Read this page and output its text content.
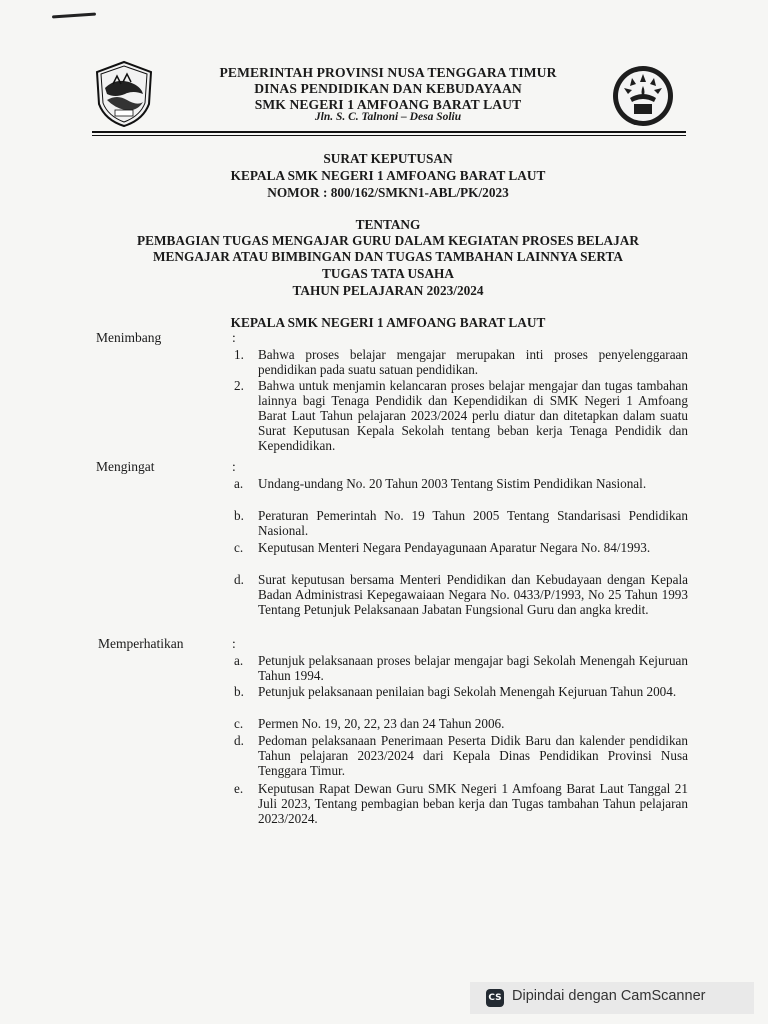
PEMERINTAH PROVINSI NUSA TENGGARA TIMUR
DINAS PENDIDIKAN DAN KEBUDAYAAN
SMK NEGERI 1 AMFOANG BARAT LAUT
Jln. S. C. Talnoni – Desa Soliu
SURAT KEPUTUSAN
KEPALA SMK NEGERI 1 AMFOANG BARAT LAUT
NOMOR : 800/162/SMKN1-ABL/PK/2023
TENTANG
PEMBAGIAN TUGAS MENGAJAR GURU DALAM KEGIATAN PROSES BELAJAR
MENGAJAR ATAU BIMBINGAN DAN TUGAS TAMBAHAN LAINNYA SERTA
TUGAS TATA USAHA
TAHUN PELAJARAN 2023/2024
KEPALA SMK NEGERI 1 AMFOANG BARAT LAUT
Menimbang	:
1.	Bahwa proses belajar mengajar merupakan inti proses penyelenggaraan pendidikan pada suatu satuan pendidikan.
2.	Bahwa untuk menjamin kelancaran proses belajar mengajar dan tugas tambahan lainnya bagi Tenaga Pendidik dan Kependidikan di SMK Negeri 1 Amfoang Barat Laut Tahun pelajaran 2023/2024 perlu diatur dan ditetapkan dalam suatu Surat Keputusan Kepala Sekolah tentang beban kerja Tenaga Pendidik dan Kependidikan.
Mengingat	:
a.	Undang-undang No. 20 Tahun 2003 Tentang Sistim Pendidikan Nasional.
b.	Peraturan Pemerintah No. 19 Tahun 2005 Tentang Standarisasi Pendidikan Nasional.
c.	Keputusan Menteri Negara Pendayagunaan Aparatur Negara No. 84/1993.
d.	Surat keputusan bersama Menteri Pendidikan dan Kebudayaan dengan Kepala Badan Administrasi Kepegawaiaan Negara No. 0433/P/1993, No 25 Tahun 1993 Tentang Petunjuk Pelaksanaan Jabatan Fungsional Guru dan angka kredit.
Memperhatikan	:
a.	Petunjuk pelaksanaan proses belajar mengajar bagi Sekolah Menengah Kejuruan Tahun 1994.
b.	Petunjuk pelaksanaan penilaian bagi Sekolah Menengah Kejuruan Tahun 2004.
c.	Permen No. 19, 20, 22, 23 dan 24 Tahun 2006.
d.	Pedoman pelaksanaan Penerimaan Peserta Didik Baru dan kalender pendidikan Tahun pelajaran 2023/2024 dari Kepala Dinas Pendidikan Provinsi Nusa Tenggara Timur.
e.	Keputusan Rapat Dewan Guru SMK Negeri 1 Amfoang Barat Laut Tanggal 21 Juli 2023, Tentang pembagian beban kerja dan Tugas tambahan Tahun pelajaran 2023/2024.
CS Dipindai dengan CamScanner
